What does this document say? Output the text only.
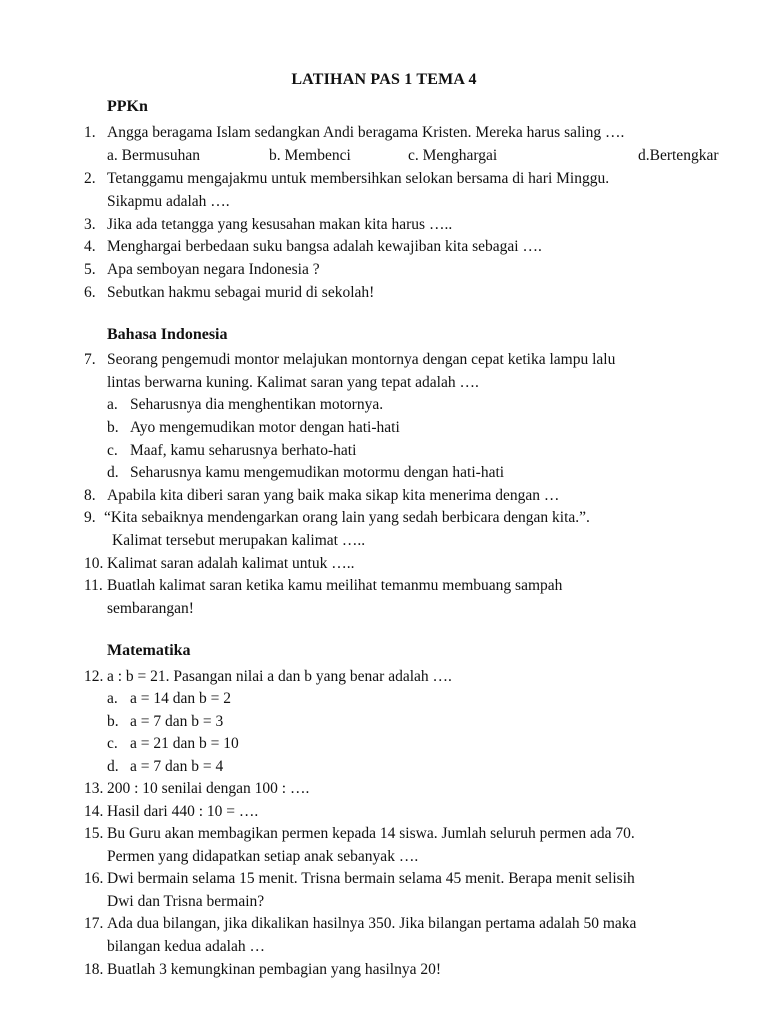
LATIHAN PAS 1 TEMA 4
PPKn
1. Angga beragama Islam sedangkan Andi beragama Kristen. Mereka harus saling ….
a. Bermusuhan	b. Membenci	c. Menghargai	d.Bertengkar
2. Tetanggamu mengajakmu untuk membersihkan selokan bersama di hari Minggu.
Sikapmu adalah ….
3. Jika ada tetangga yang kesusahan makan kita harus …..
4. Menghargai berbedaan suku bangsa adalah kewajiban kita sebagai ….
5. Apa semboyan negara Indonesia ?
6. Sebutkan hakmu sebagai murid di sekolah!
Bahasa Indonesia
7. Seorang pengemudi montor melajukan montornya dengan cepat ketika lampu lalu
lintas berwarna kuning. Kalimat saran yang tepat adalah ….
a. Seharusnya dia menghentikan motornya.
b. Ayo mengemudikan motor dengan hati-hati
c. Maaf, kamu seharusnya berhato-hati
d. Seharusnya kamu mengemudikan motormu dengan hati-hati
8. Apabila kita diberi saran yang baik maka sikap kita menerima dengan …
9. “Kita sebaiknya mendengarkan orang lain yang sedah berbicara dengan kita.”.
Kalimat tersebut merupakan kalimat …..
10. Kalimat saran adalah kalimat untuk …..
11. Buatlah kalimat saran ketika kamu meilihat temanmu membuang sampah
sembarangan!
Matematika
12. a : b = 21. Pasangan nilai a dan b yang benar adalah ….
a. a = 14 dan b = 2
b. a = 7 dan b = 3
c. a = 21 dan b = 10
d. a = 7 dan b = 4
13. 200 : 10 senilai dengan 100 : ….
14. Hasil dari 440 : 10 = ….
15. Bu Guru akan membagikan permen kepada 14 siswa. Jumlah seluruh permen ada 70.
Permen yang didapatkan setiap anak sebanyak ….
16. Dwi bermain selama 15 menit. Trisna bermain selama 45 menit. Berapa menit selisih
Dwi dan Trisna bermain?
17. Ada dua bilangan, jika dikalikan hasilnya 350. Jika bilangan pertama adalah 50 maka
bilangan kedua adalah …
18. Buatlah 3 kemungkinan pembagian yang hasilnya 20!
